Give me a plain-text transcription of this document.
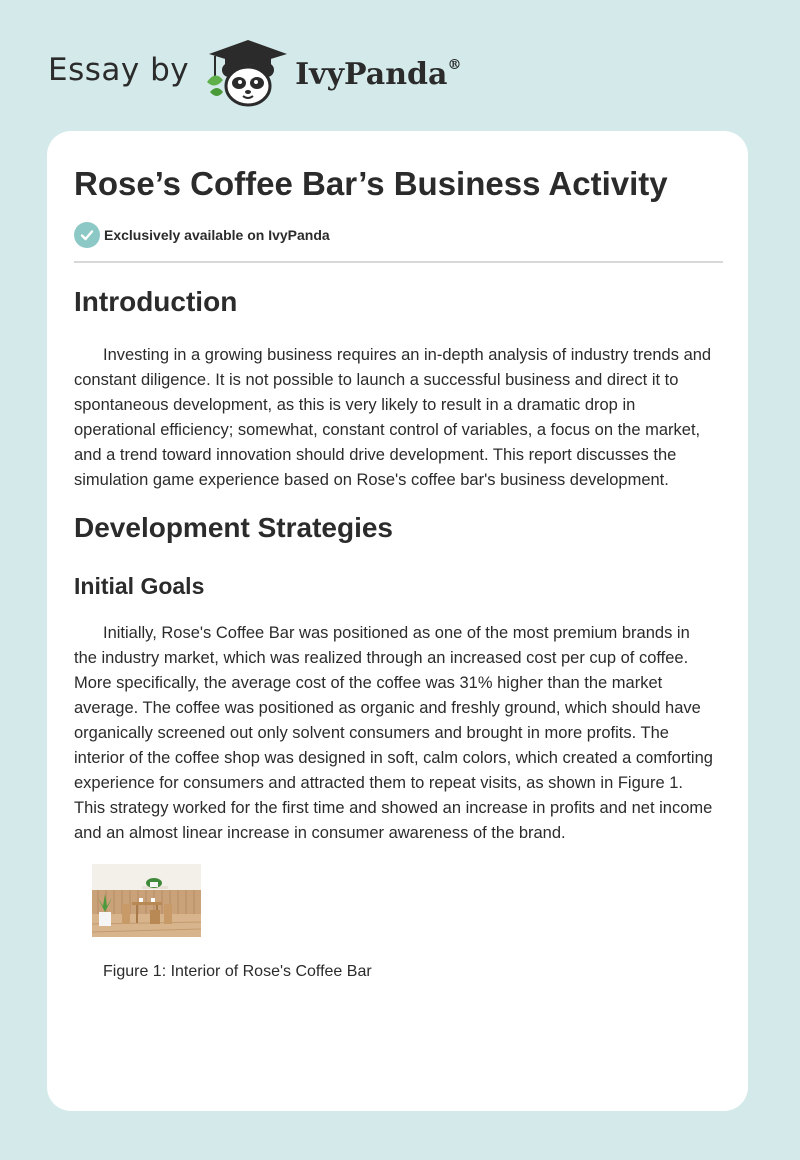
Essay by	IvyPanda®
Rose’s Coffee Bar’s Business Activity
Exclusively available on IvyPanda
Introduction

Investing in a growing business requires an in-depth analysis of industry trends and
constant diligence. It is not possible to launch a successful business and direct it to
spontaneous development, as this is very likely to result in a dramatic drop in
operational efficiency; somewhat, constant control of variables, a focus on the market,
and a trend toward innovation should drive development. This report discusses the
simulation game experience based on Rose's coffee bar's business development.

Development Strategies
Initial Goals

Initially, Rose's Coffee Bar was positioned as one of the most premium brands in
the industry market, which was realized through an increased cost per cup of coffee.
More specifically, the average cost of the coffee was 31% higher than the market
average. The coffee was positioned as organic and freshly ground, which should have
organically screened out only solvent consumers and brought in more profits. The
interior of the coffee shop was designed in soft, calm colors, which created a comforting
experience for consumers and attracted them to repeat visits, as shown in Figure 1.
This strategy worked for the first time and showed an increase in profits and net income
and an almost linear increase in consumer awareness of the brand.

Figure 1: Interior of Rose's Coffee Bar
